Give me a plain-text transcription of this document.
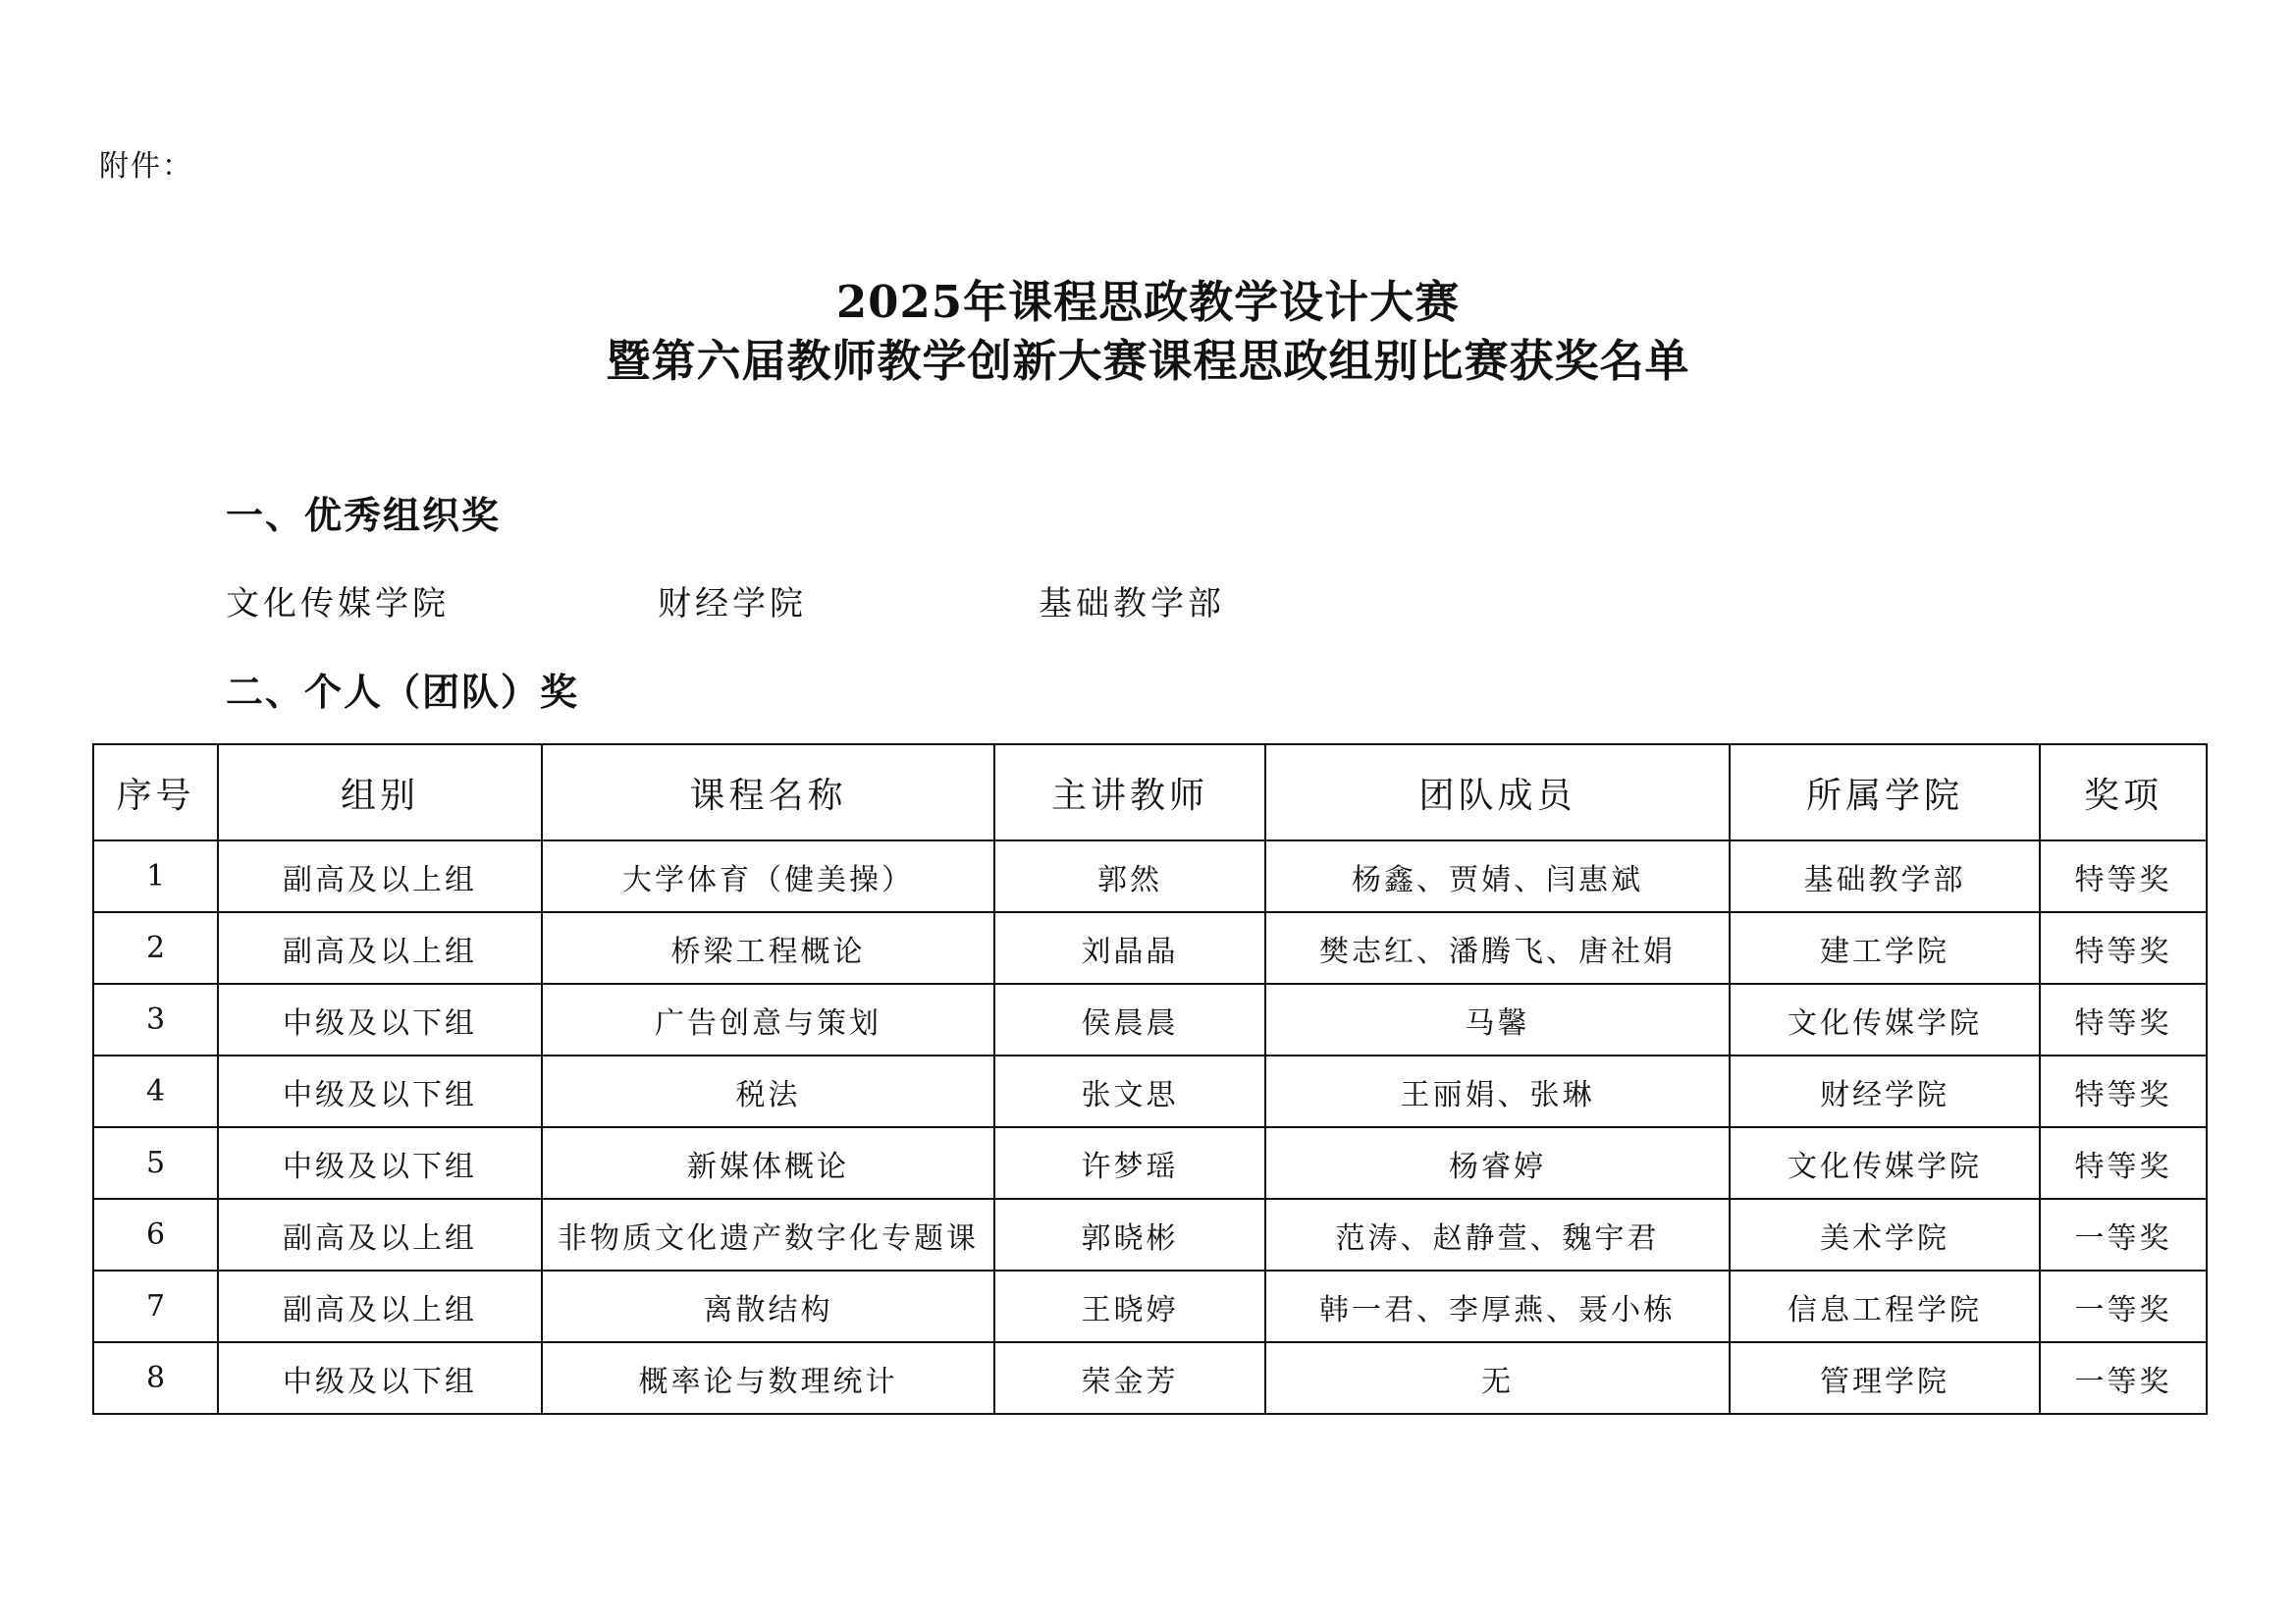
附件：
2025年课程思政教学设计大赛
暨第六届教师教学创新大赛课程思政组别比赛获奖名单
一、优秀组织奖
文化传媒学院	财经学院	基础教学部
二、个人（团队）奖
序号	组别	课程名称	主讲教师	团队成员	所属学院	奖项
1	副高及以上组	大学体育（健美操）	郭然	杨鑫、贾婧、闫惠斌	基础教学部	特等奖
2	副高及以上组	桥梁工程概论	刘晶晶	樊志红、潘腾飞、唐社娟	建工学院	特等奖
3	中级及以下组	广告创意与策划	侯晨晨	马馨	文化传媒学院	特等奖
4	中级及以下组	税法	张文思	王丽娟、张琳	财经学院	特等奖
5	中级及以下组	新媒体概论	许梦瑶	杨睿婷	文化传媒学院	特等奖
6	副高及以上组	非物质文化遗产数字化专题课	郭晓彬	范涛、赵静萱、魏宇君	美术学院	一等奖
7	副高及以上组	离散结构	王晓婷	韩一君、李厚燕、聂小栋	信息工程学院	一等奖
8	中级及以下组	概率论与数理统计	荣金芳	无	管理学院	一等奖
